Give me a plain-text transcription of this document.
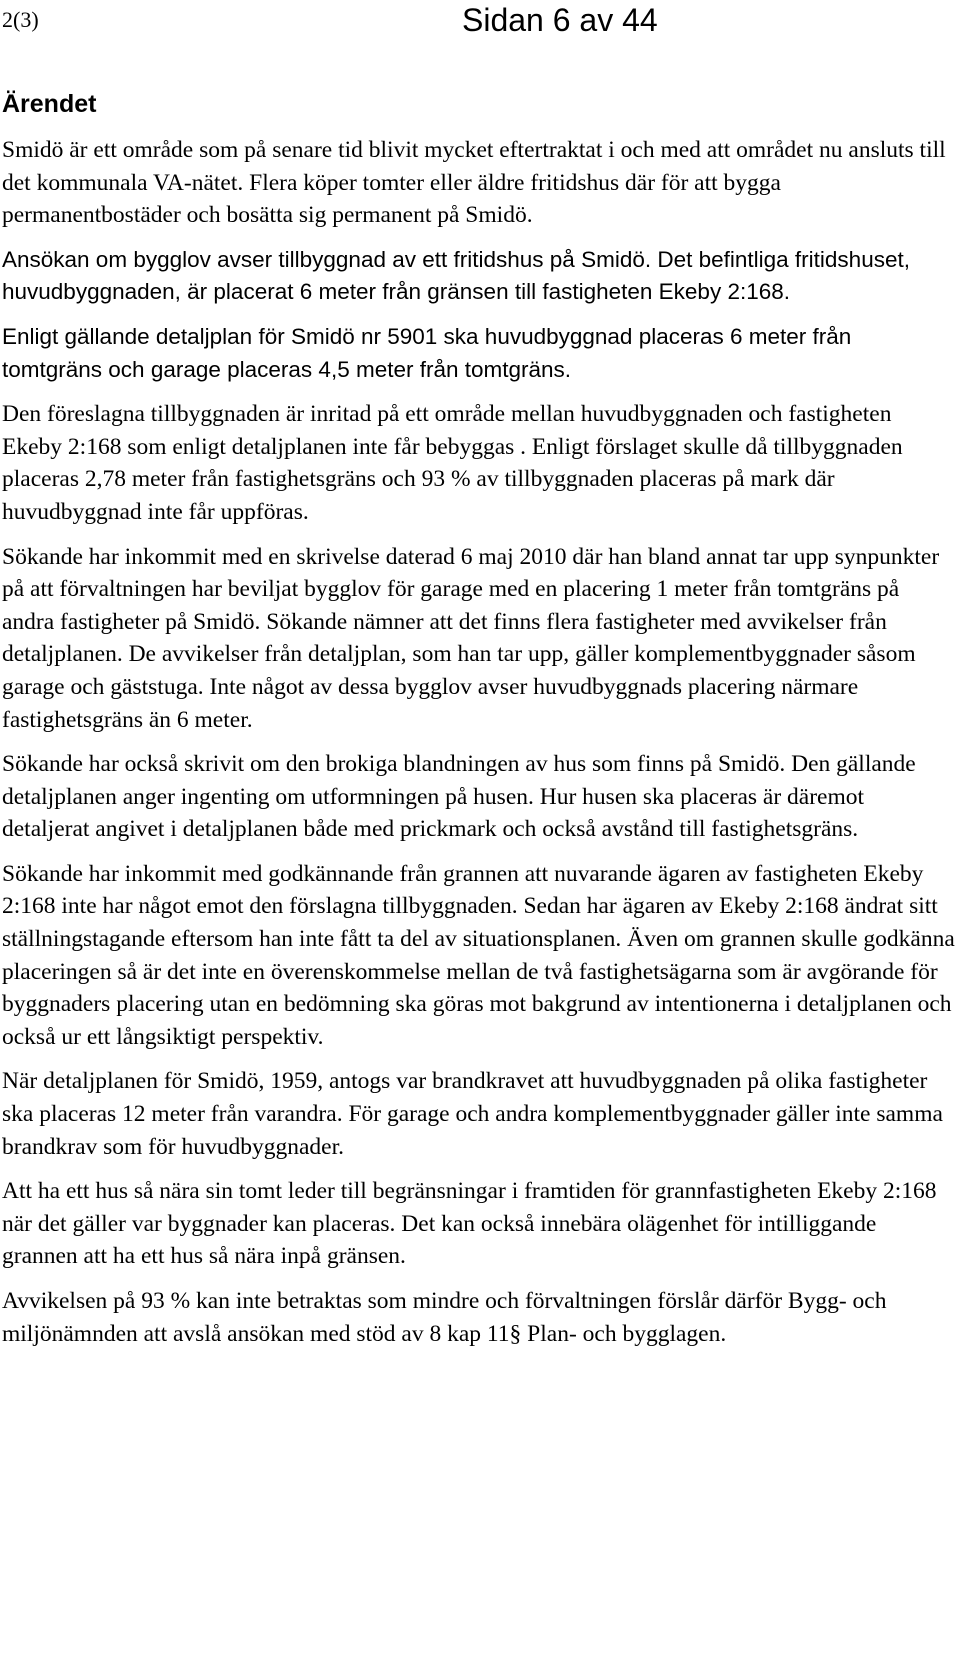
2(3)	Sidan 6 av 44
Ärendet

Smidö är ett område som på senare tid blivit mycket eftertraktat i och med att området nu ansluts till det kommunala VA-nätet. Flera köper tomter eller äldre fritidshus där för att bygga permanentbostäder och bosätta sig permanent på Smidö.

Ansökan om bygglov avser tillbyggnad av ett fritidshus på Smidö. Det befintliga fritidshuset, huvudbyggnaden, är placerat 6 meter från gränsen till fastigheten Ekeby 2:168.

Enligt gällande detaljplan för Smidö nr 5901 ska huvudbyggnad placeras 6 meter från tomtgräns och garage placeras 4,5 meter från tomtgräns.

Den föreslagna tillbyggnaden är inritad på ett område mellan huvudbyggnaden och fastigheten Ekeby 2:168 som enligt detaljplanen inte får bebyggas . Enligt förslaget skulle då tillbyggnaden placeras 2,78 meter från fastighetsgräns och 93 % av tillbyggnaden placeras på mark där huvudbyggnad inte får uppföras.

Sökande har inkommit med en skrivelse daterad 6 maj 2010 där han bland annat tar upp synpunkter på att förvaltningen har beviljat bygglov för garage med en placering 1 meter från tomtgräns på andra fastigheter på Smidö. Sökande nämner att det finns flera fastigheter med avvikelser från detaljplanen. De avvikelser från detaljplan, som han tar upp, gäller komplementbyggnader såsom garage och gäststuga. Inte något av dessa bygglov avser huvudbyggnads placering närmare fastighetsgräns än 6 meter.

Sökande har också skrivit om den brokiga blandningen av hus som finns på Smidö. Den gällande detaljplanen anger ingenting om utformningen på husen. Hur husen ska placeras är däremot detaljerat angivet i detaljplanen både med prickmark och också avstånd till fastighetsgräns.

Sökande har inkommit med godkännande från grannen att nuvarande ägaren av fastigheten Ekeby 2:168 inte har något emot den förslagna tillbyggnaden. Sedan har ägaren av Ekeby 2:168 ändrat sitt ställningstagande eftersom han inte fått ta del av situationsplanen. Även om grannen skulle godkänna placeringen så är det inte en överenskommelse mellan de två fastighetsägarna som är avgörande för byggnaders placering utan en bedömning ska göras mot bakgrund av intentionerna i detaljplanen och också ur ett långsiktigt perspektiv.

När detaljplanen för Smidö, 1959, antogs var brandkravet att huvudbyggnaden på olika fastigheter ska placeras 12 meter från varandra. För garage och andra komplementbyggnader gäller inte samma brandkrav som för huvudbyggnader.

Att ha ett hus så nära sin tomt leder till begränsningar i framtiden för grannfastigheten Ekeby 2:168 när det gäller var byggnader kan placeras. Det kan också innebära olägenhet för intilliggande grannen att ha ett hus så nära inpå gränsen.

Avvikelsen på 93 % kan inte betraktas som mindre och förvaltningen förslår därför Bygg- och miljönämnden att avslå ansökan med stöd av 8 kap 11§ Plan- och bygglagen.
